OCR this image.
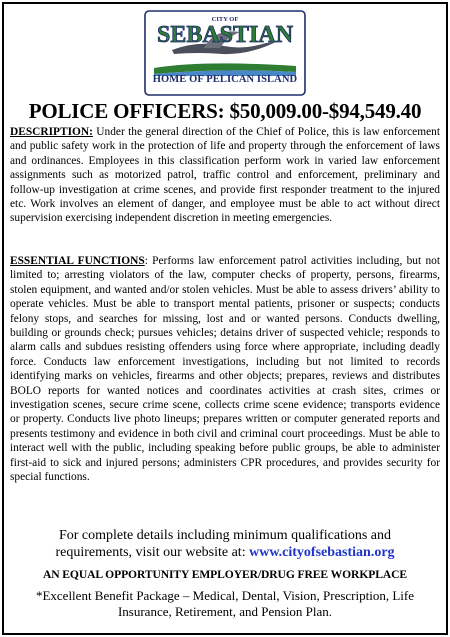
CITY OF
SEBASTIAN
HOME OF PELICAN ISLAND
POLICE OFFICERS: $50,009.00-$94,549.40
DESCRIPTION: Under the general direction of the Chief of Police, this is law enforcement and public safety work in the protection of life and property through the enforcement of laws and ordinances. Employees in this classification perform work in varied law enforcement assignments such as motorized patrol, traffic control and enforcement, preliminary and follow-up investigation at crime scenes, and provide first responder treatment to the injured etc. Work involves an element of danger, and employee must be able to act without direct supervision exercising independent discretion in meeting emergencies.
ESSENTIAL FUNCTIONS: Performs law enforcement patrol activities including, but not limited to; arresting violators of the law, computer checks of property, persons, firearms, stolen equipment, and wanted and/or stolen vehicles. Must be able to assess drivers’ ability to operate vehicles. Must be able to transport mental patients, prisoner or suspects; conducts felony stops, and searches for missing, lost and or wanted persons. Conducts dwelling, building or grounds check; pursues vehicles; detains driver of suspected vehicle; responds to alarm calls and subdues resisting offenders using force where appropriate, including deadly force. Conducts law enforcement investigations, including but not limited to records identifying marks on vehicles, firearms and other objects; prepares, reviews and distributes BOLO reports for wanted notices and coordinates activities at crash sites, crimes or investigation scenes, secure crime scene, collects crime scene evidence; transports evidence or property. Conducts live photo lineups; prepares written or computer generated reports and presents testimony and evidence in both civil and criminal court proceedings. Must be able to interact well with the public, including speaking before public groups, be able to administer first-aid to sick and injured persons; administers CPR procedures, and provides security for special functions.
For complete details including minimum qualifications and
requirements, visit our website at: www.cityofsebastian.org
AN EQUAL OPPORTUNITY EMPLOYER/DRUG FREE WORKPLACE
*Excellent Benefit Package – Medical, Dental, Vision, Prescription, Life
Insurance, Retirement, and Pension Plan.
